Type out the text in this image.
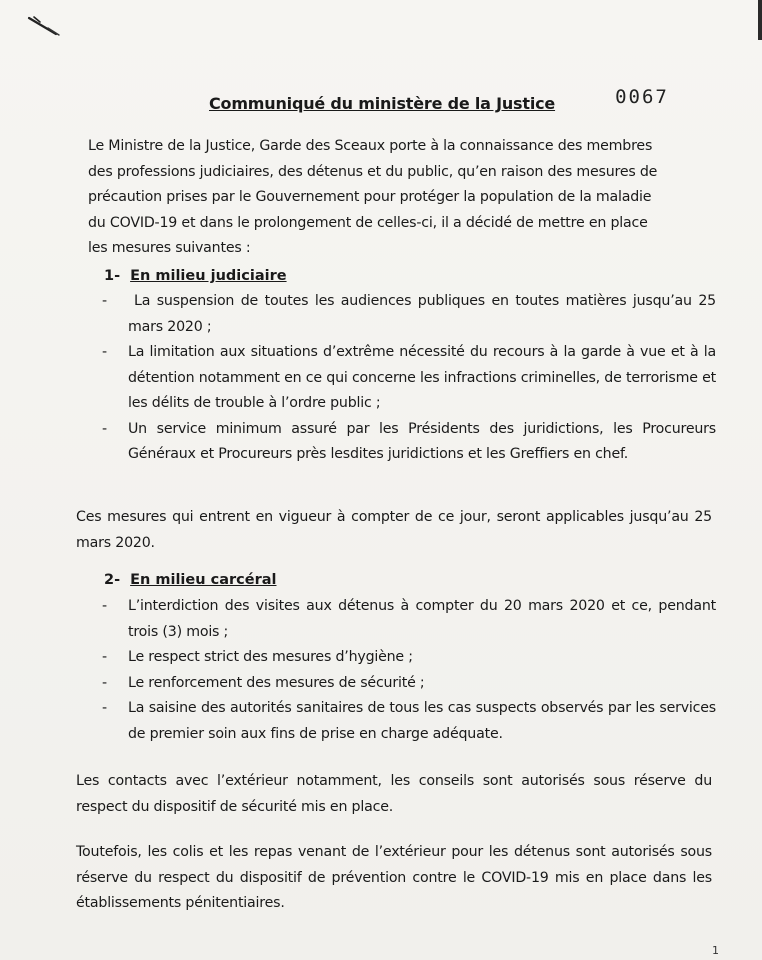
Communiqué du ministère de la Justice	0067
Le Ministre de la Justice, Garde des Sceaux porte à la connaissance des membres
des professions judiciaires, des détenus et du public, qu’en raison des mesures de
précaution prises par le Gouvernement pour protéger la population de la maladie
du COVID-19 et dans le prolongement de celles-ci, il a décidé de mettre en place
les mesures suivantes :
1- En milieu judiciaire
- La suspension de toutes les audiences publiques en toutes matières jusqu’au 25 mars 2020 ;
- La limitation aux situations d’extrême nécessité du recours à la garde à vue et à la détention notamment en ce qui concerne les infractions criminelles, de terrorisme et les délits de trouble à l’ordre public ;
- Un service minimum assuré par les Présidents des juridictions, les Procureurs Généraux et Procureurs près lesdites juridictions et les Greffiers en chef.
Ces mesures qui entrent en vigueur à compter de ce jour, seront applicables jusqu’au 25 mars 2020.
2- En milieu carcéral
- L’interdiction des visites aux détenus à compter du 20 mars 2020 et ce, pendant trois (3) mois ;
- Le respect strict des mesures d’hygiène ;
- Le renforcement des mesures de sécurité ;
- La saisine des autorités sanitaires de tous les cas suspects observés par les services de premier soin aux fins de prise en charge adéquate.
Les contacts avec l’extérieur notamment, les conseils sont autorisés sous réserve du respect du dispositif de sécurité mis en place.
Toutefois, les colis et les repas venant de l’extérieur pour les détenus sont autorisés sous réserve du respect du dispositif de prévention contre le COVID-19 mis en place dans les établissements pénitentiaires.
1
